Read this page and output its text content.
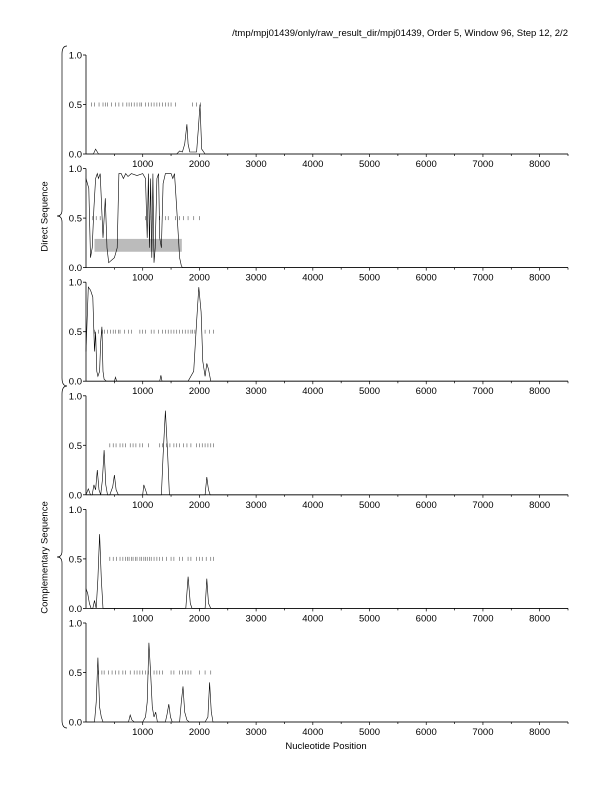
/tmp/mpj01439/only/raw_result_dir/mpj01439, Order 5, Window 96, Step 12, 2/2
0.0
0.5
1.0
1000	2000	3000	4000	5000	6000	7000	8000
0.0
0.5
1.0
1000	2000	3000	4000	5000	6000	7000	8000
0.0
0.5
1.0
1000	2000	3000	4000	5000	6000	7000	8000
0.0
0.5
1.0
1000	2000	3000	4000	5000	6000	7000	8000
0.0
0.5
1.0
1000	2000	3000	4000	5000	6000	7000	8000
0.0
0.5
1.0
1000	2000	3000	4000	5000	6000	7000	8000
Direct Sequence
Complementary Sequence
Nucleotide Position
